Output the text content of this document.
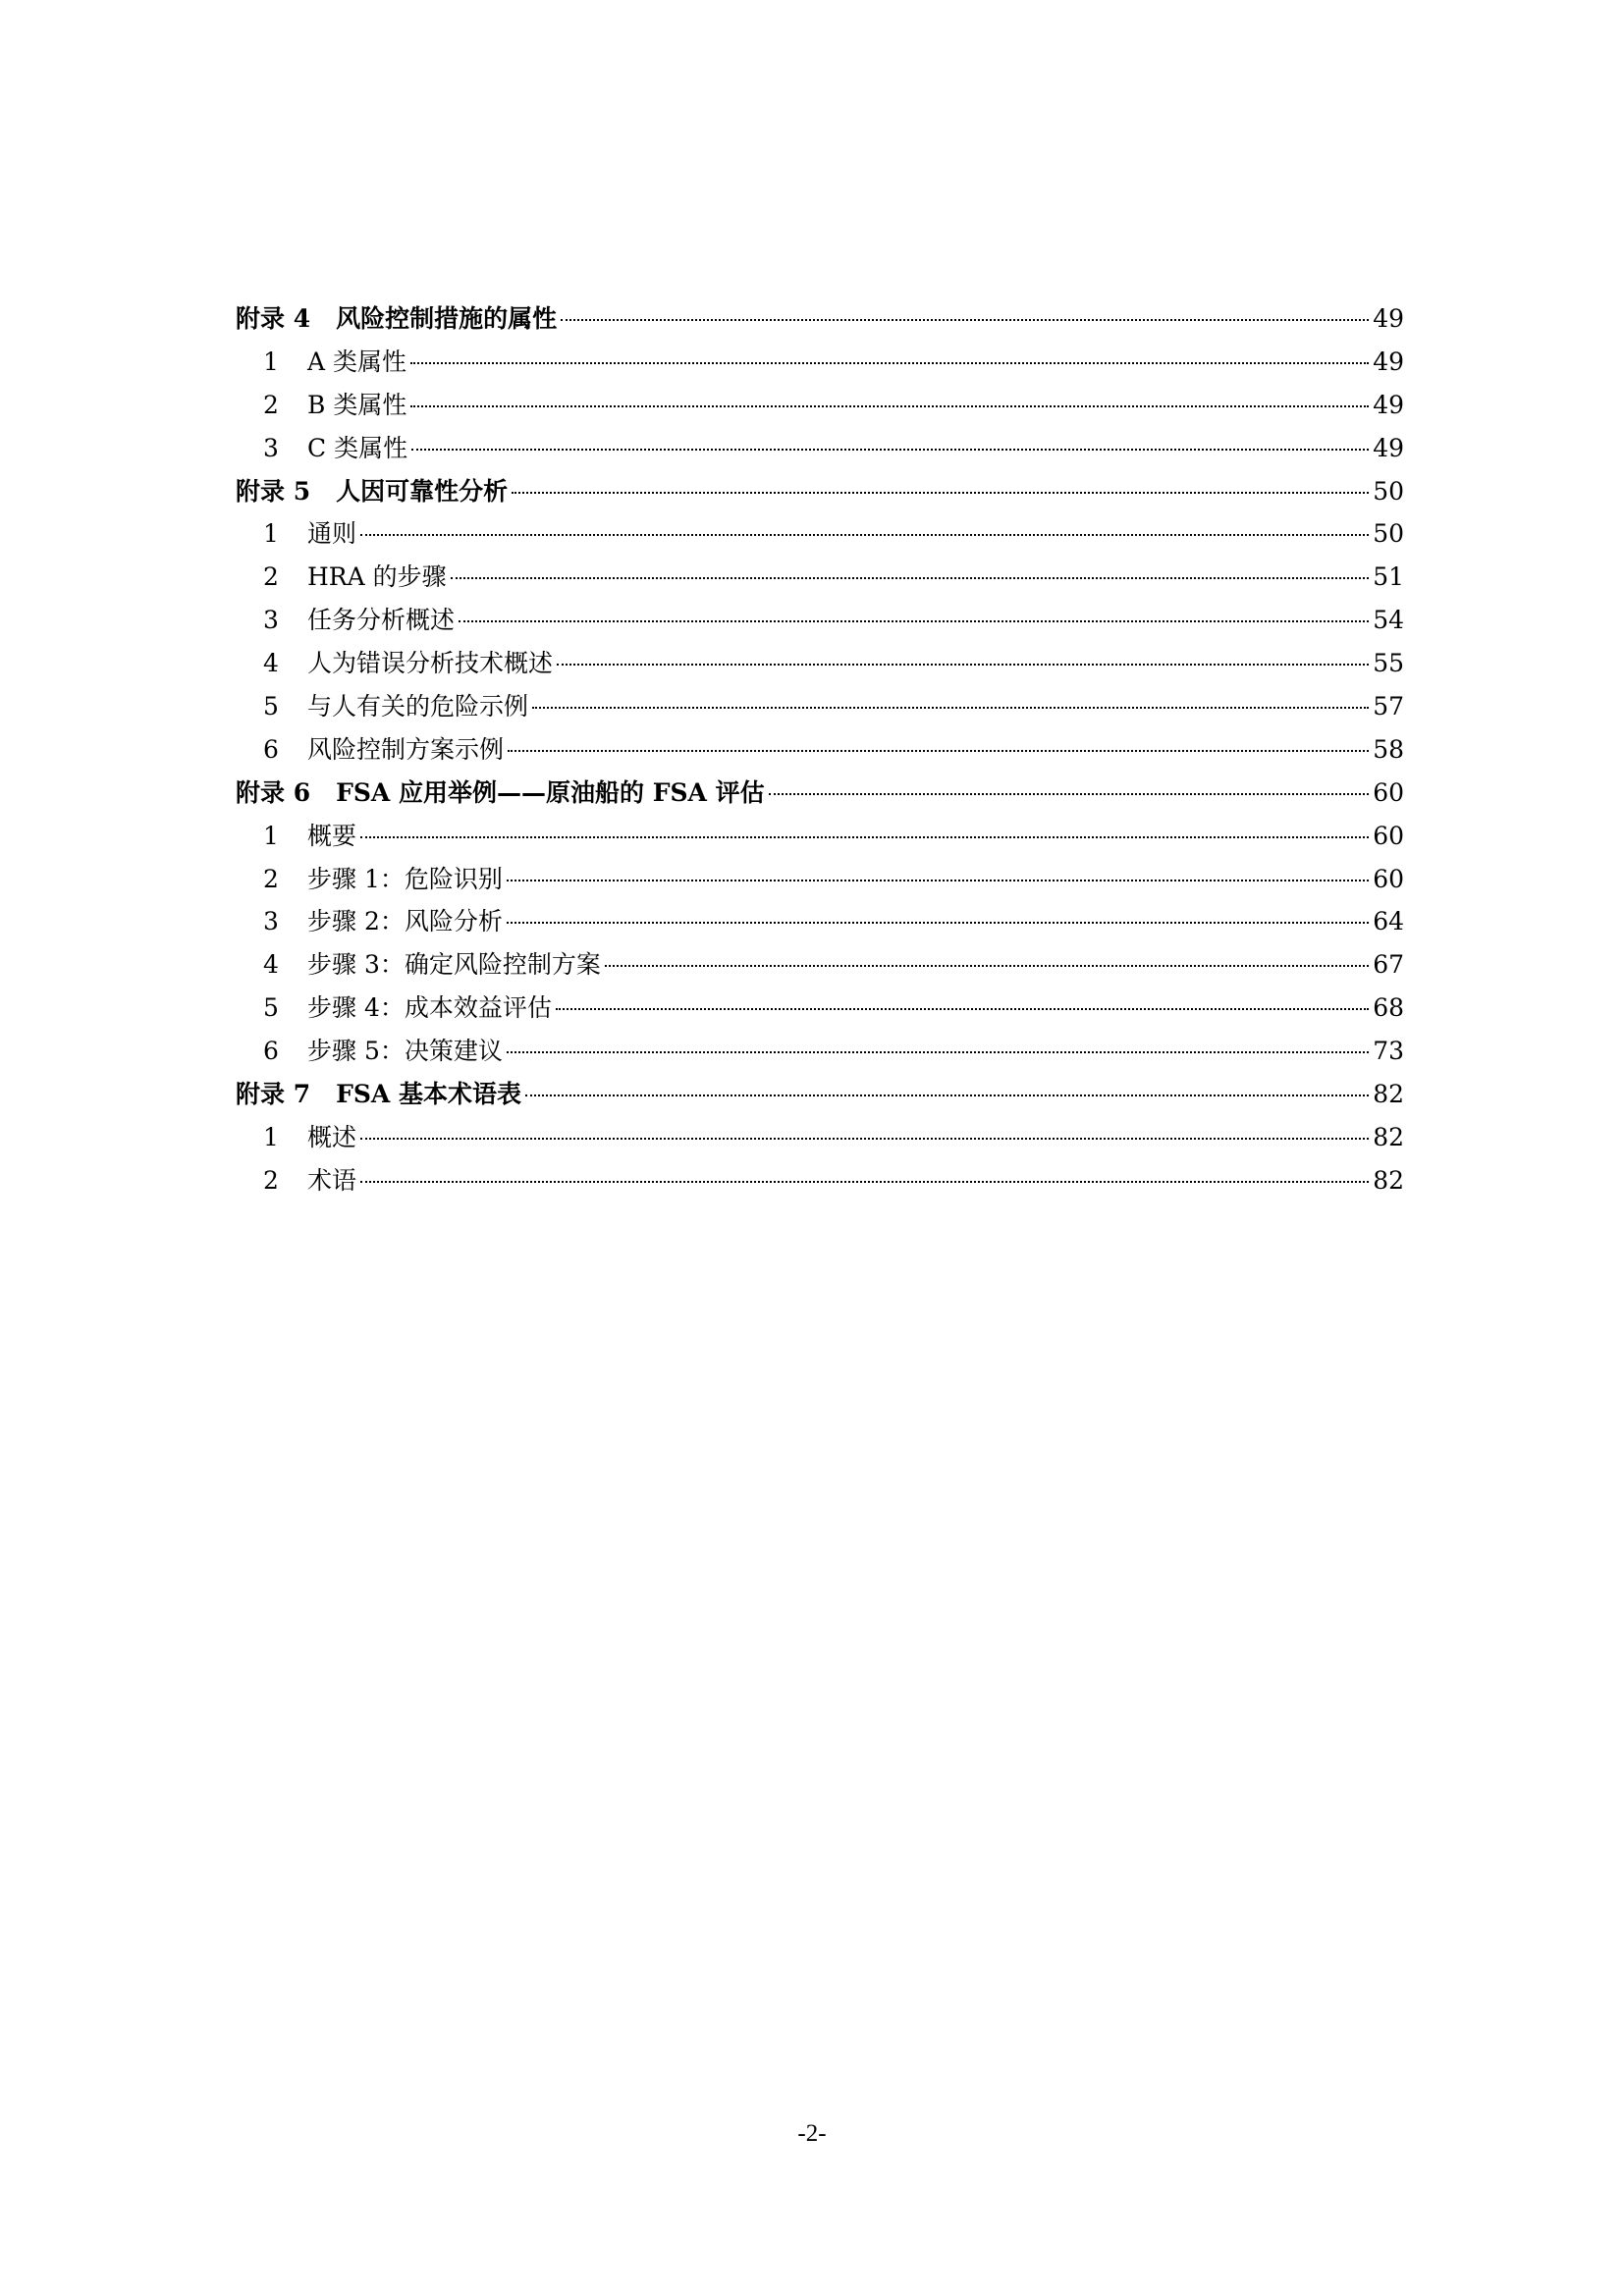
附录 4	风险控制措施的属性	49
1	A 类属性	49
2	B 类属性	49
3	C 类属性	49
附录 5	人因可靠性分析	50
1	通则	50
2	HRA 的步骤	51
3	任务分析概述	54
4	人为错误分析技术概述	55
5	与人有关的危险示例	57
6	风险控制方案示例	58
附录 6	FSA 应用举例——原油船的 FSA 评估	60
1	概要	60
2	步骤 1：危险识别	60
3	步骤 2：风险分析	64
4	步骤 3：确定风险控制方案	67
5	步骤 4：成本效益评估	68
6	步骤 5：决策建议	73
附录 7	FSA 基本术语表	82
1	概述	82
2	术语	82
-2-
